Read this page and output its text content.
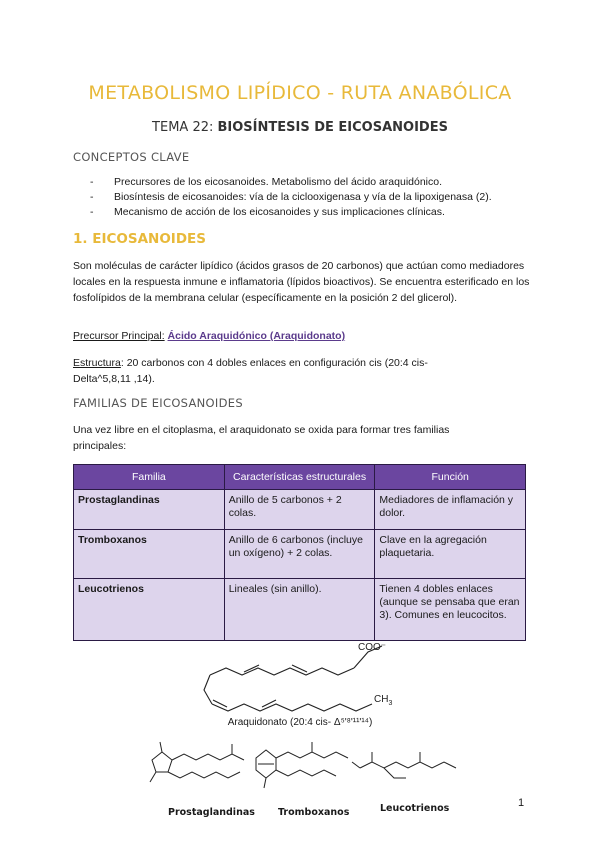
METABOLISMO LIPÍDICO - RUTA ANABÓLICA
TEMA 22: BIOSÍNTESIS DE EICOSANOIDES
CONCEPTOS CLAVE
- Precursores de los eicosanoides. Metabolismo del ácido araquidónico.
- Biosíntesis de eicosanoides: vía de la ciclooxigenasa y vía de la lipoxigenasa (2).
- Mecanismo de acción de los eicosanoides y sus implicaciones clínicas.
1. EICOSANOIDES

Son moléculas de carácter lipídico (ácidos grasos de 20 carbonos) que actúan como mediadores locales en la respuesta inmune e inflamatoria (lípidos bioactivos). Se encuentra esterificado en los fosfolípidos de la membrana celular (específicamente en la posición 2 del glicerol).

Precursor Principal: Ácido Araquidónico (Araquidonato)

Estructura: 20 carbonos con 4 dobles enlaces en configuración cis (20:4 cis-Delta^5,8,11 ,14).

FAMILIAS DE EICOSANOIDES

Una vez libre en el citoplasma, el araquidonato se oxida para formar tres familias principales:

Familia	Características estructurales	Función
Prostaglandinas	Anillo de 5 carbonos + 2 colas.	Mediadores de inflamación y dolor.
Tromboxanos	Anillo de 6 carbonos (incluye un oxígeno) + 2 colas.	Clave en la agregación plaquetaria.
Leucotrienos	Lineales (sin anillo).	Tienen 4 dobles enlaces (aunque se pensaba que eran 3). Comunes en leucocitos.
COO⁻
$CH_3$
Araquidonato (20:4 cis- Δ⁵'⁸'¹¹'¹⁴)
Prostaglandinas Tromboxanos	Leucotrienos	1
